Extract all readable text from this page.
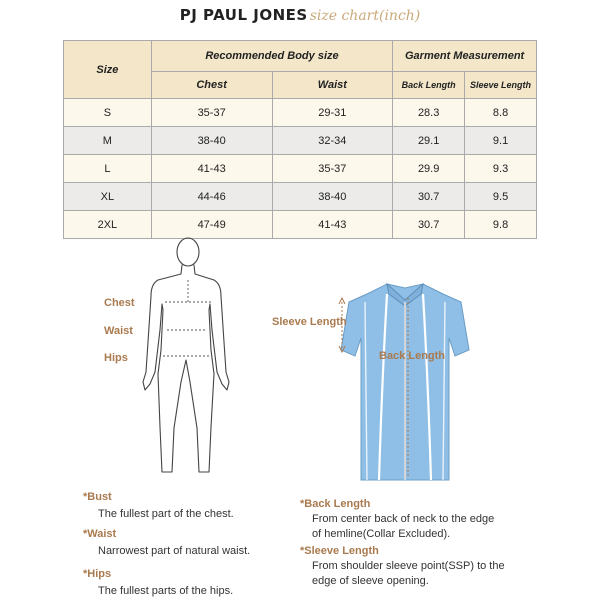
PJ PAUL JONES size chart(inch)
Size	Recommended Body size		Garment Measurement	
	Chest	Waist	Back Length	Sleeve Length
S	35-37	29-31	28.3	8.8
M	38-40	32-34	29.1	9.1
L	41-43	35-37	29.9	9.3
XL	44-46	38-40	30.7	9.5
2XL	47-49	41-43	30.7	9.8
Chest
Waist
Hips
Sleeve Length
Back Length
*Bust
The fullest part of the chest.
*Waist
Narrowest part of natural waist.
*Hips
The fullest parts of the hips.
*Back Length
From center back of neck to the edge
of hemline(Collar Excluded).
*Sleeve Length
From shoulder sleeve point(SSP) to the
edge of sleeve opening.
